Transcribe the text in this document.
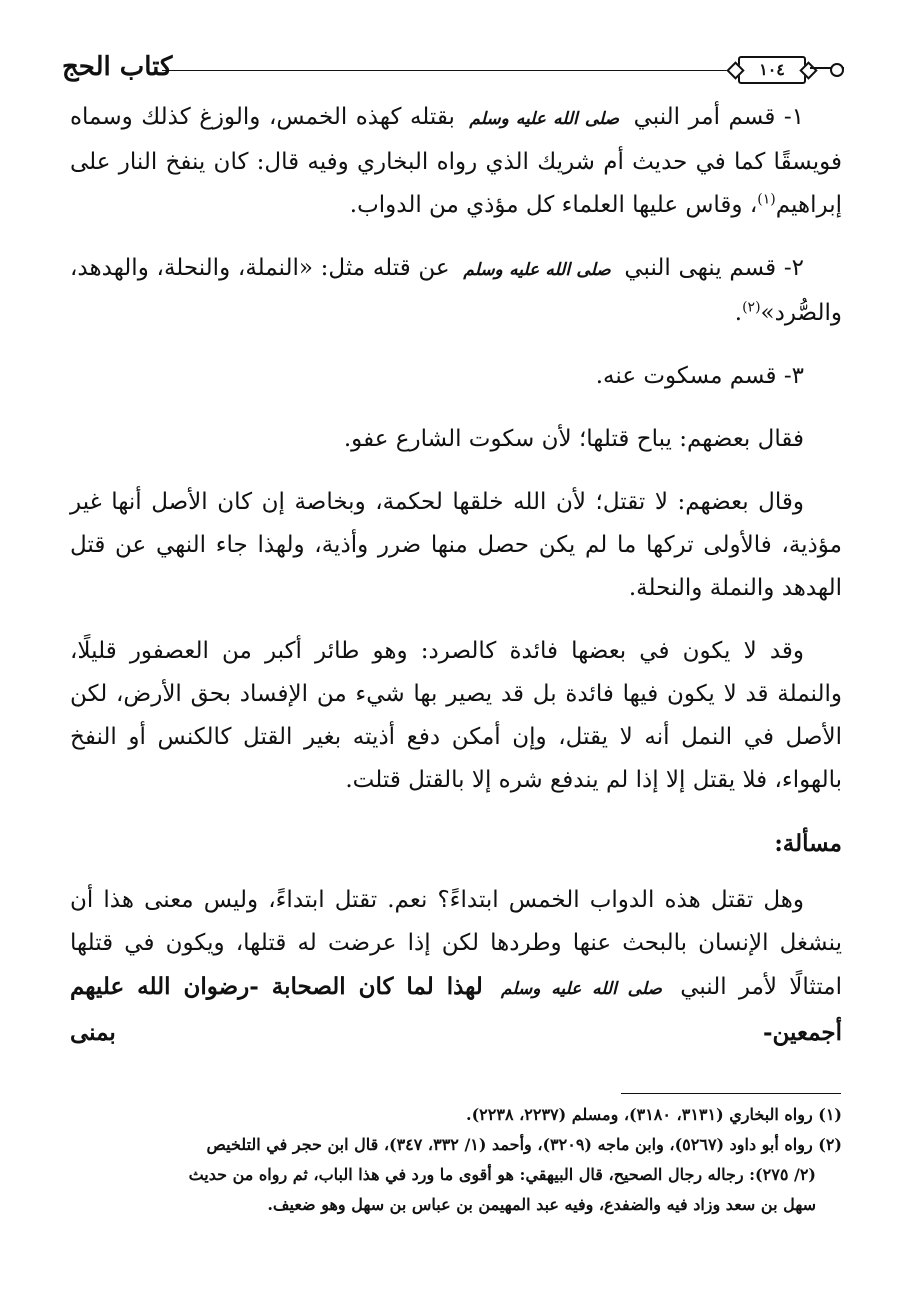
كتاب الحج	١٠٤

١- قسم أمر النبي صلى الله عليه وسلم بقتله كهذه الخمس، والوزغ كذلك وسماه فويسقًا كما في حديث أم شريك الذي رواه البخاري وفيه قال: كان ينفخ النار على إبراهيم$^{(١)}$، وقاس عليها العلماء كل مؤذي من الدواب.

٢- قسم ينهى النبي صلى الله عليه وسلم عن قتله مثل: «النملة، والنحلة، والهدهد، والصُّرد»$^{(٢)}$.

٣- قسم مسكوت عنه.

فقال بعضهم: يباح قتلها؛ لأن سكوت الشارع عفو.

وقال بعضهم: لا تقتل؛ لأن الله خلقها لحكمة، وبخاصة إن كان الأصل أنها غير مؤذية، فالأولى تركها ما لم يكن حصل منها ضرر وأذية، ولهذا جاء النهي عن قتل الهدهد والنملة والنحلة.

وقد لا يكون في بعضها فائدة كالصرد: وهو طائر أكبر من العصفور قليلًا، والنملة قد لا يكون فيها فائدة بل قد يصير بها شيء من الإفساد بحق الأرض، لكن الأصل في النمل أنه لا يقتل، وإن أمكن دفع أذيته بغير القتل كالكنس أو النفخ بالهواء، فلا يقتل إلا إذا لم يندفع شره إلا بالقتل قتلت.

مسألة:

وهل تقتل هذه الدواب الخمس ابتداءً؟ نعم. تقتل ابتداءً، وليس معنى هذا أن ينشغل الإنسان بالبحث عنها وطردها لكن إذا عرضت له قتلها، ويكون في قتلها امتثالًا لأمر النبي صلى الله عليه وسلم لهذا لما كان الصحابة -رضوان الله عليهم أجمعين- بمنى

(١) رواه البخاري (٣١٣١، ٣١٨٠)، ومسلم (٢٢٣٧، ٢٢٣٨).

(٢) رواه أبو داود (٥٢٦٧)، وابن ماجه (٣٢٠٩)، وأحمد (١/ ٣٣٢، ٣٤٧)، قال ابن حجر في التلخيص

(٢/ ٢٧٥): رجاله رجال الصحيح، قال البيهقي: هو أقوى ما ورد في هذا الباب، ثم رواه من حديث

سهل بن سعد وزاد فيه والضفدع، وفيه عبد المهيمن بن عباس بن سهل وهو ضعيف.
